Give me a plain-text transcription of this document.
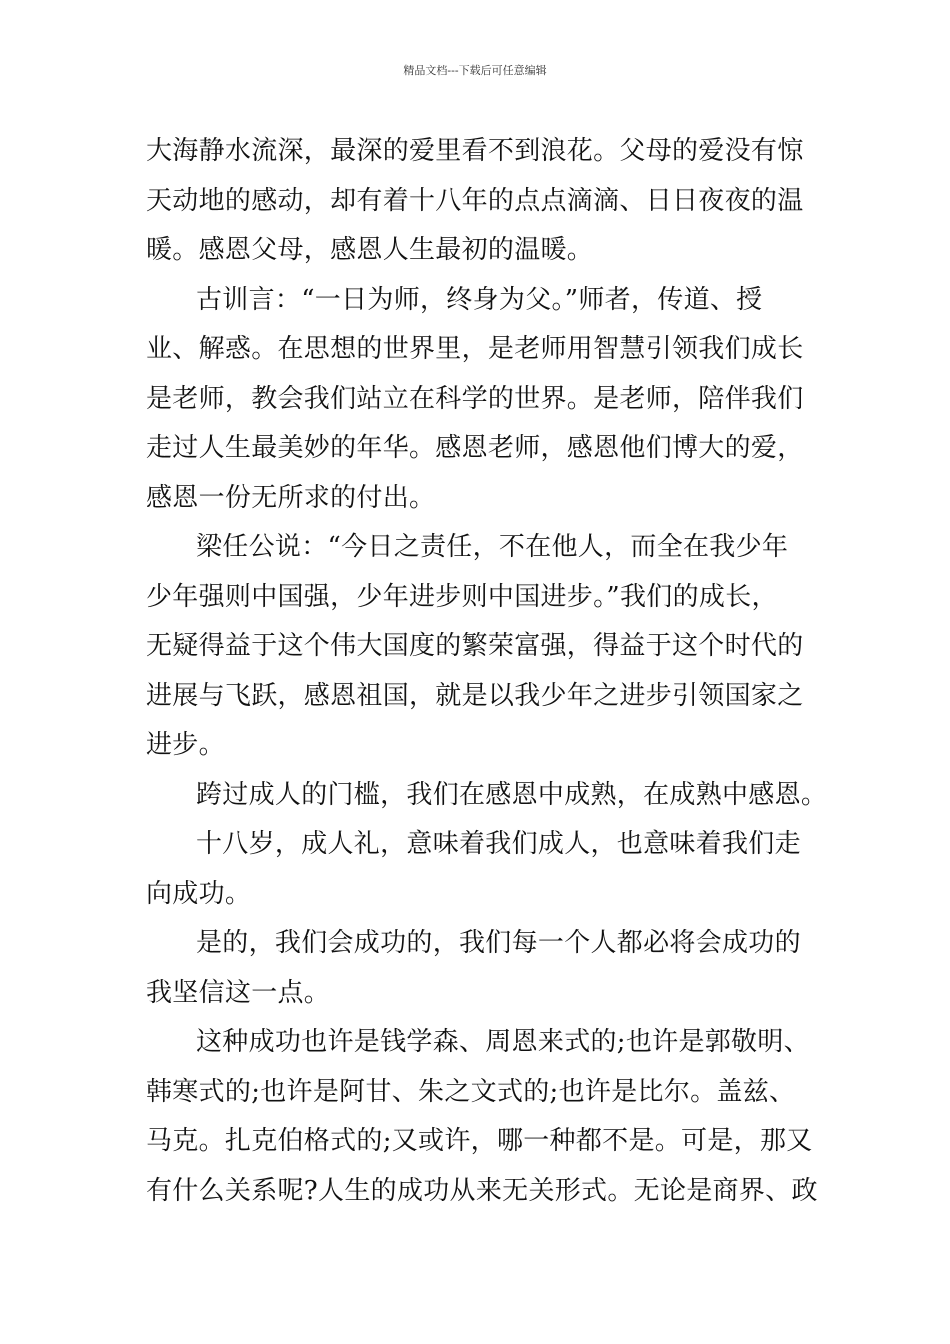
精品文档---下载后可任意编辑
大海静水流深，最深的爱里看不到浪花。父母的爱没有惊
天动地的感动，却有着十八年的点点滴滴、日日夜夜的温
暖。感恩父母，感恩人生最初的温暖。
古训言：“一日为师，终身为父。”师者，传道、授
业、解惑。在思想的世界里，是老师用智慧引领我们成长
是老师，教会我们站立在科学的世界。是老师，陪伴我们
走过人生最美妙的年华。感恩老师，感恩他们博大的爱，
感恩一份无所求的付出。
梁任公说：“今日之责任，不在他人，而全在我少年
少年强则中国强，少年进步则中国进步。”我们的成长，
无疑得益于这个伟大国度的繁荣富强，得益于这个时代的
进展与飞跃，感恩祖国，就是以我少年之进步引领国家之
进步。
跨过成人的门槛，我们在感恩中成熟，在成熟中感恩。
十八岁，成人礼，意味着我们成人，也意味着我们走
向成功。
是的，我们会成功的，我们每一个人都必将会成功的
我坚信这一点。
这种成功也许是钱学森、周恩来式的;也许是郭敬明、
韩寒式的;也许是阿甘、朱之文式的;也许是比尔。盖兹、
马克。扎克伯格式的;又或许，哪一种都不是。可是，那又
有什么关系呢?人生的成功从来无关形式。无论是商界、政
